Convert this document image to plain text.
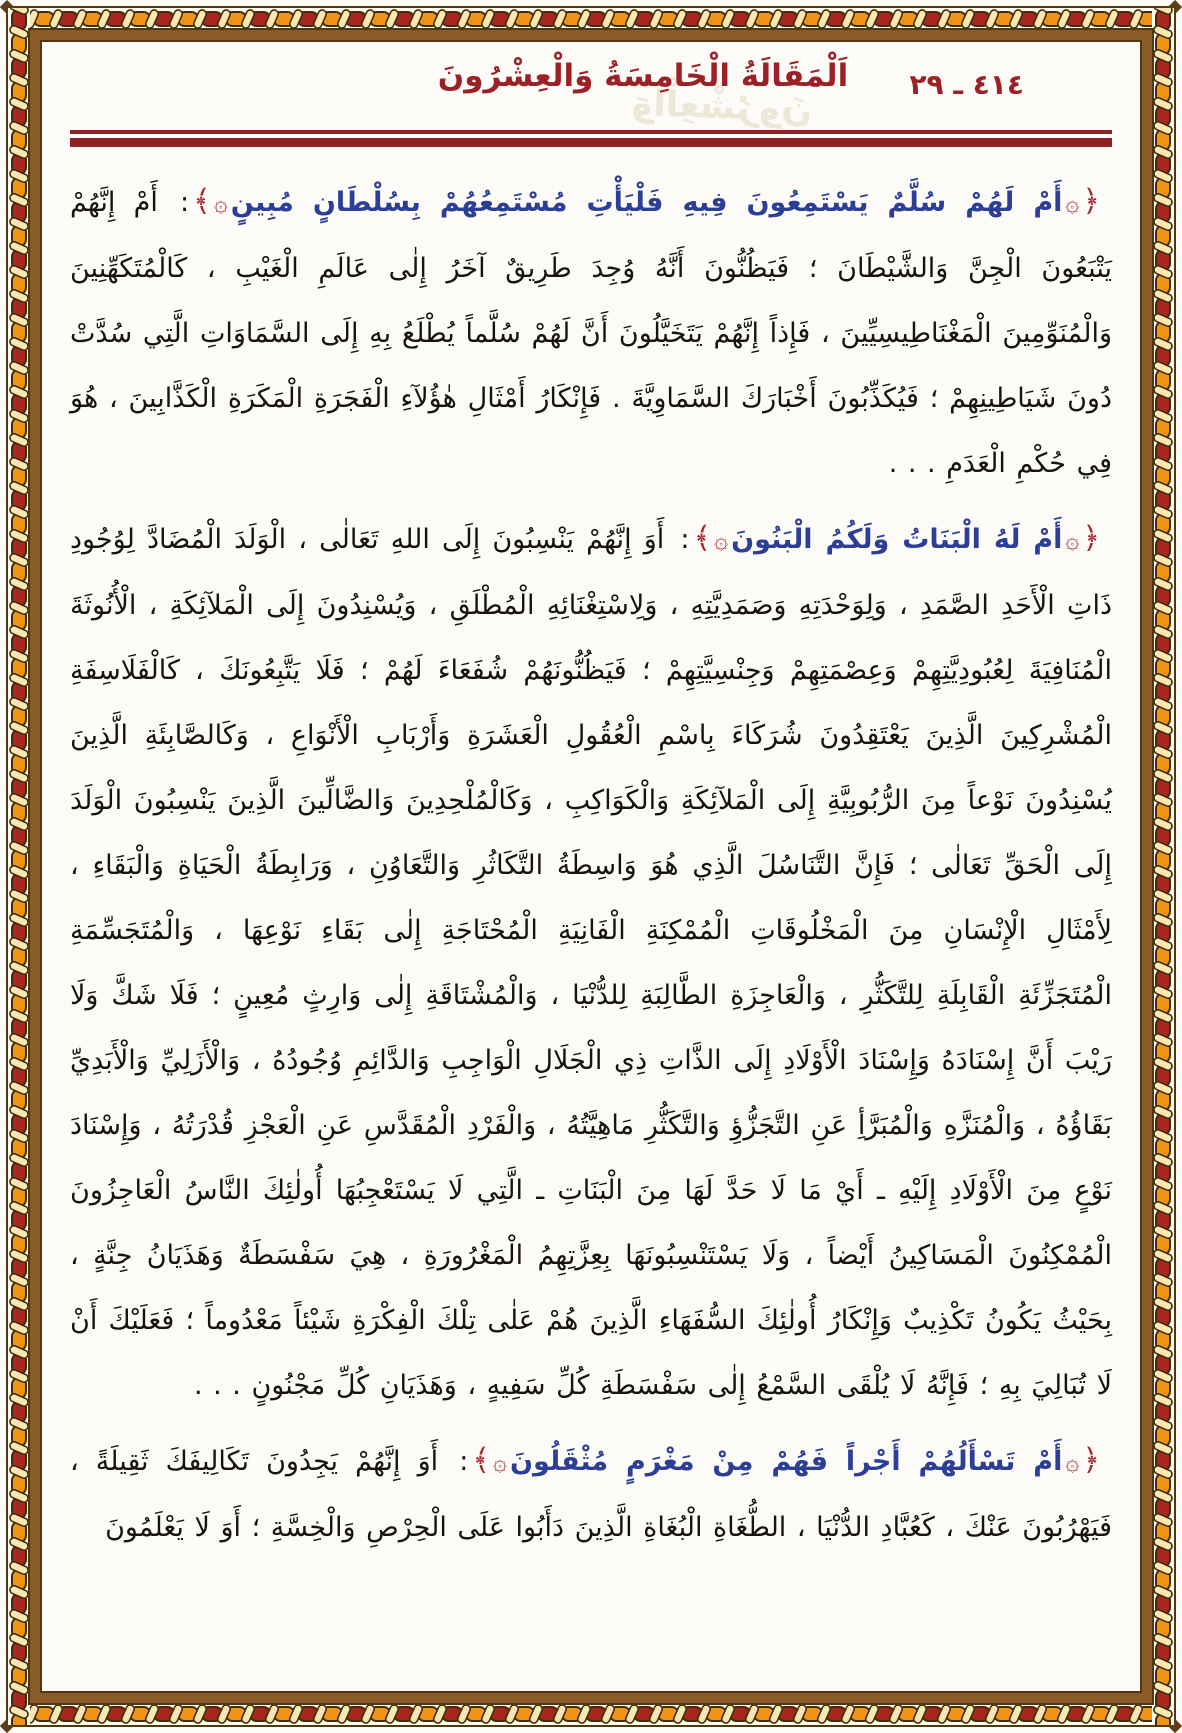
وَالْعِشْرُونَ	٤١٤ ـ ٢٩
اَلْمَقَالَةُ الْخَامِسَةُ وَالْعِشْرُونَ

﴿۞أَمْ لَهُمْ سُلَّمٌ يَسْتَمِعُونَ فِيهِ فَلْيَأْتِ مُسْتَمِعُهُمْ بِسُلْطَانٍ مُبِينٍ۞﴾: أَمْ إِنَّهُمْ يَتْبَعُونَ الْجِنَّ وَالشَّيْطَانَ ؛ فَيَظُنُّونَ أَنَّهُ وُجِدَ طَرِيقٌ آخَرُ إِلٰى عَالَمِ الْغَيْبِ ، كَالْمُتَكَهِّنِينَ وَالْمُنَوِّمِينَ الْمَغْنَاطِيسِيِّينَ ، فَإِذاً إِنَّهُمْ يَتَخَيَّلُونَ أَنَّ لَهُمْ سُلَّماً يُطْلَعُ بِهِ إِلَى السَّمَاوَاتِ الَّتِي سُدَّتْ دُونَ شَيَاطِينِهِمْ ؛ فَيُكَذِّبُونَ أَخْبَارَكَ السَّمَاوِيَّةَ . فَإِنْكَارُ أَمْثَالِ هٰؤُلآءِ الْفَجَرَةِ الْمَكَرَةِ الْكَذَّابِينَ ، هُوَ فِي حُكْمِ الْعَدَمِ . . .

﴿۞أَمْ لَهُ الْبَنَاتُ وَلَكُمُ الْبَنُونَ۞﴾: أَوَ إِنَّهُمْ يَنْسِبُونَ إِلَى اللهِ تَعَالٰى ، الْوَلَدَ الْمُضَادَّ لِوُجُودِ ذَاتِ الْأَحَدِ الصَّمَدِ ، وَلِوَحْدَتِهِ وَصَمَدِيَّتِهِ ، وَلِاسْتِغْنَائِهِ الْمُطْلَقِ ، وَيُسْنِدُونَ إِلَى الْمَلآئِكَةِ ، الْأُنُوثَةَ الْمُنَافِيَةَ لِعُبُودِيَّتِهِمْ وَعِصْمَتِهِمْ وَجِنْسِيَّتِهِمْ ؛ فَيَظُنُّونَهُمْ شُفَعَاءَ لَهُمْ ؛ فَلَا يَتَّبِعُونَكَ ، كَالْفَلَاسِفَةِ الْمُشْرِكِينَ الَّذِينَ يَعْتَقِدُونَ شُرَكَاءَ بِاسْمِ الْعُقُولِ الْعَشَرَةِ وَأَرْبَابِ الْأَنْوَاعِ ، وَكَالصَّابِئَةِ الَّذِينَ يُسْنِدُونَ نَوْعاً مِنَ الرُّبُوبِيَّةِ إِلَى الْمَلآئِكَةِ وَالْكَوَاكِبِ ، وَكَالْمُلْحِدِينَ وَالضَّالِّينَ الَّذِينَ يَنْسِبُونَ الْوَلَدَ إِلَى الْحَقِّ تَعَالٰى ؛ فَإِنَّ التَّنَاسُلَ الَّذِي هُوَ وَاسِطَةُ التَّكَاثُرِ وَالتَّعَاوُنِ ، وَرَابِطَةُ الْحَيَاةِ وَالْبَقَاءِ ، لِأَمْثَالِ الْإِنْسَانِ مِنَ الْمَخْلُوقَاتِ الْمُمْكِنَةِ الْفَانِيَةِ الْمُحْتَاجَةِ إِلٰى بَقَاءِ نَوْعِهَا ، وَالْمُتَجَسِّمَةِ الْمُتَجَزِّئَةِ الْقَابِلَةِ لِلتَّكَثُّرِ ، وَالْعَاجِزَةِ الطَّالِبَةِ لِلدُّنْيَا ، وَالْمُشْتَاقَةِ إِلٰى وَارِثٍ مُعِينٍ ؛ فَلَا شَكَّ وَلَا رَيْبَ أَنَّ إِسْنَادَهُ وَإِسْنَادَ الْأَوْلَادِ إِلَى الذَّاتِ ذِي الْجَلَالِ الْوَاجِبِ وَالدَّائِمِ وُجُودُهُ ، وَالْأَزَلِيِّ وَالْأَبَدِيِّ بَقَاؤُهُ ، وَالْمُنَزَّهِ وَالْمُبَرَّأِ عَنِ التَّجَزُّؤِ وَالتَّكَثُّرِ مَاهِيَّتُهُ ، وَالْفَرْدِ الْمُقَدَّسِ عَنِ الْعَجْزِ قُدْرَتُهُ ، وَإِسْنَادَ نَوْعٍ مِنَ الْأَوْلَادِ إِلَيْهِ ـ أَيْ مَا لَا حَدَّ لَهَا مِنَ الْبَنَاتِ ـ الَّتِي لَا يَسْتَعْجِبُهَا أُولٰئِكَ النَّاسُ الْعَاجِزُونَ الْمُمْكِنُونَ الْمَسَاكِينُ أَيْضاً ، وَلَا يَسْتَنْسِبُونَهَا بِعِزَّتِهِمُ الْمَغْرُورَةِ ، هِيَ سَفْسَطَةٌ وَهَذَيَانُ جِنَّةٍ ، بِحَيْثُ يَكُونُ تَكْذِيبٌ وَإِنْكَارُ أُولٰئِكَ السُّفَهَاءِ الَّذِينَ هُمْ عَلٰى تِلْكَ الْفِكْرَةِ شَيْئاً مَعْدُوماً ؛ فَعَلَيْكَ أَنْ لَا تُبَالِيَ بِهِ ؛ فَإِنَّهُ لَا يُلْقَى السَّمْعُ إِلٰى سَفْسَطَةِ كُلِّ سَفِيهٍ ، وَهَذَيَانِ كُلِّ مَجْنُونٍ . . .

﴿۞أَمْ تَسْأَلُهُمْ أَجْراً فَهُمْ مِنْ مَغْرَمٍ مُثْقَلُونَ۞﴾: أَوَ إِنَّهُمْ يَجِدُونَ تَكَالِيفَكَ ثَقِيلَةً ، فَيَهْرُبُونَ عَنْكَ ، كَعُبَّادِ الدُّنْيَا ، الطُّغَاةِ الْبُغَاةِ الَّذِينَ دَأَبُوا عَلَى الْحِرْصِ وَالْخِسَّةِ ؛ أَوَ لَا يَعْلَمُونَ
